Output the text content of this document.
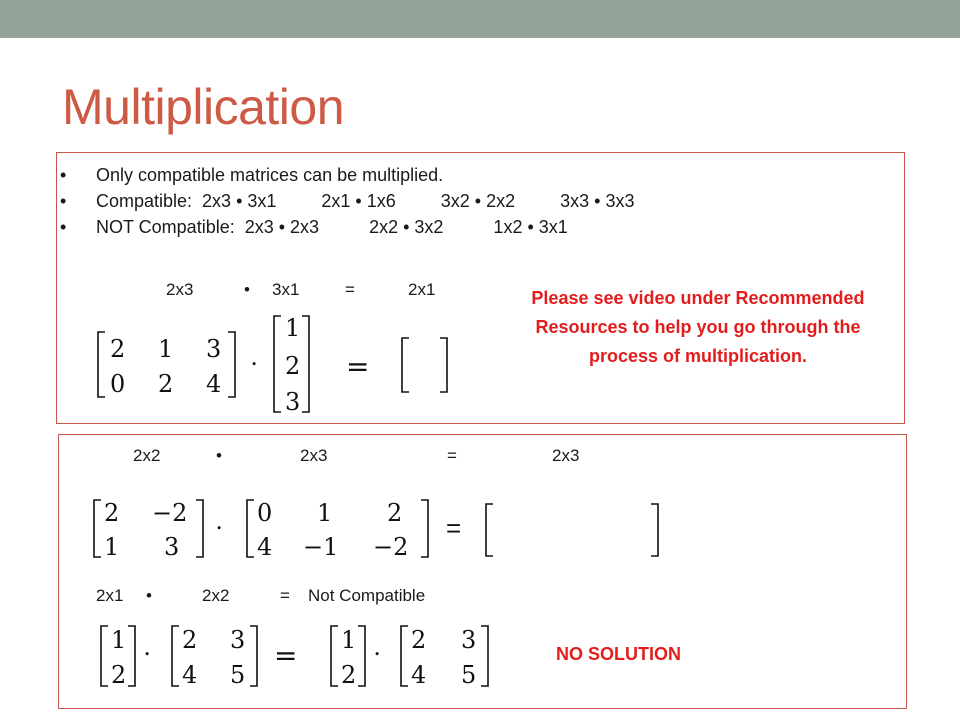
Multiplication
• Only compatible matrices can be multiplied.
• Compatible:  2x3 • 3x1         2x1 • 1x6         3x2 • 2x2         3x3 • 3x3
• NOT Compatible:  2x3 • 2x3          2x2 • 3x2          1x2 • 3x1
2x3	• 3x1	=	2x1	Please see video under Recommended Resources to help you go through the process of multiplication.
2x2	•	2x3	=	2x3
2x1 •	2x2	= Not Compatible
NO SOLUTION
2 1 3
0 2 4
⋅
1
2
3
=
2 −2
1 3
⋅
0 1 2
4 −1 −2
=
1
2
⋅ 2 3
4 5
= 1
2
⋅ 2 3
4 5
